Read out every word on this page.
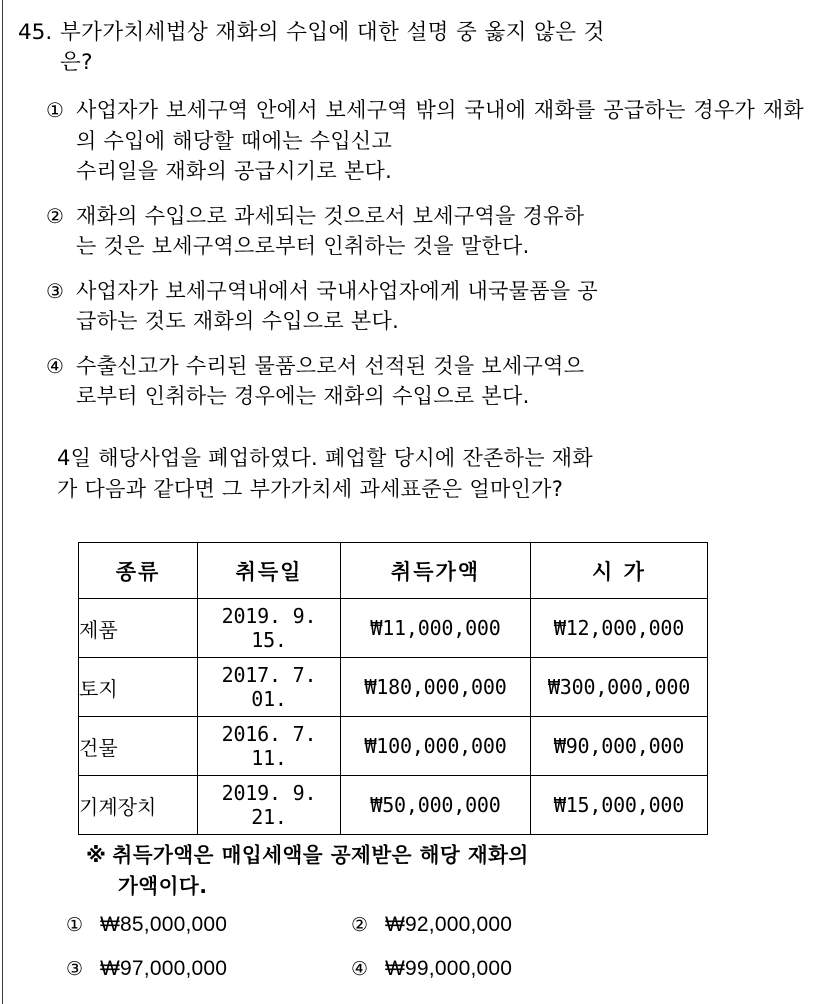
45. 부가가치세법상 재화의 수입에 대한 설명 중 옳지 않은 것
은?
① 사업자가 보세구역 안에서 보세구역 밖의 국내에 재화를 공급하는 경우가 재화의 수입에 해당할 때에는 수입신고
수리일을 재화의 공급시기로 본다.
② 재화의 수입으로 과세되는 것으로서 보세구역을 경유하
는 것은 보세구역으로부터 인취하는 것을 말한다.
③ 사업자가 보세구역내에서 국내사업자에게 내국물품을 공
급하는 것도 재화의 수입으로 본다.
④ 수출신고가 수리된 물품으로서 선적된 것을 보세구역으
로부터 인취하는 경우에는 재화의 수입으로 본다.
4일 해당사업을 폐업하였다. 폐업할 당시에 잔존하는 재화
가 다음과 같다면 그 부가가치세 과세표준은 얼마인가?
종류	취득일	취득가액	시 가
제품	2019. 9. 15.	₩11,000,000	₩12,000,000
토지	2017. 7. 01.	₩180,000,000	₩300,000,000
건물	2016. 7. 11.	₩100,000,000	₩90,000,000
기계장치	2019. 9. 21.	₩50,000,000	₩15,000,000
※ 취득가액은 매입세액을 공제받은 해당 재화의
가액이다.
① ₩85,000,000	② ₩92,000,000
③ ₩97,000,000	④ ₩99,000,000
